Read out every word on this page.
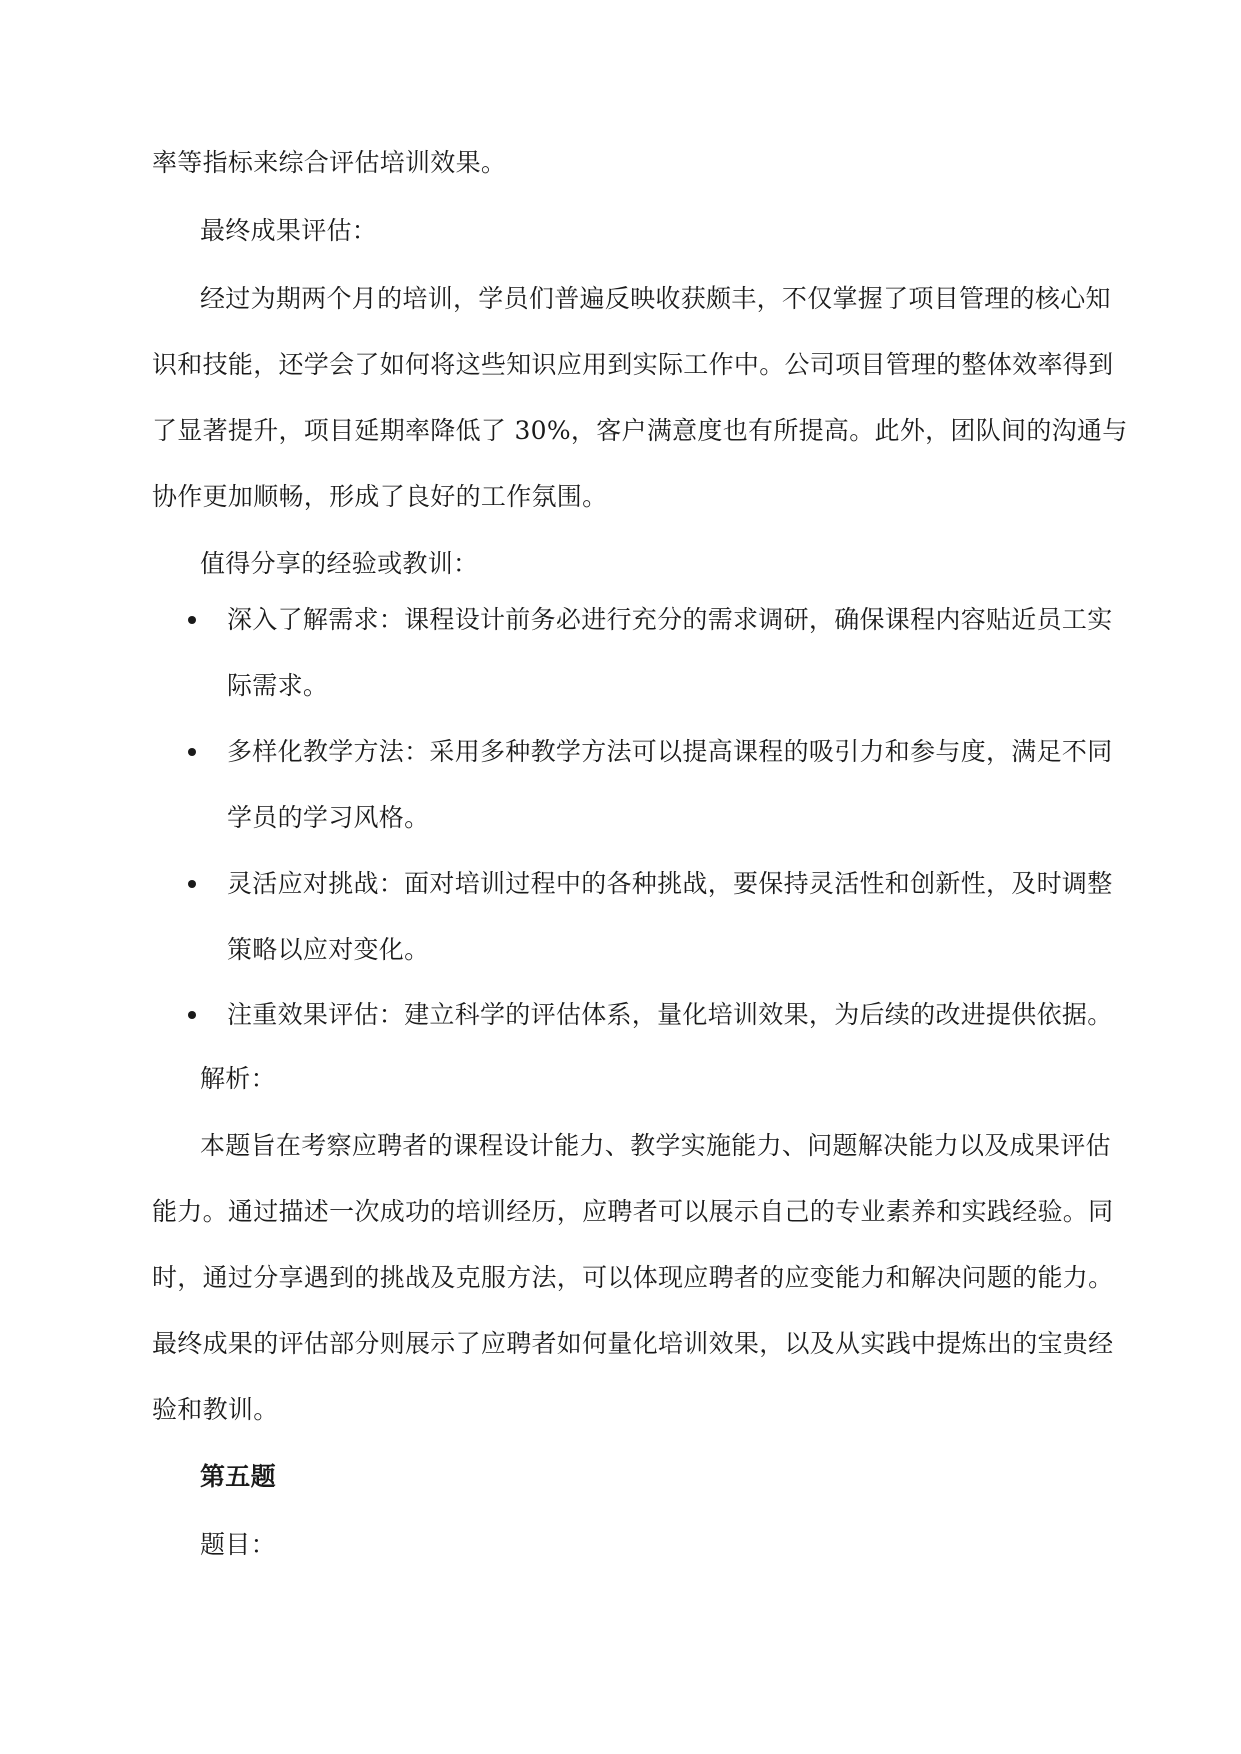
率等指标来综合评估培训效果。
最终成果评估：
经过为期两个月的培训，学员们普遍反映收获颇丰，不仅掌握了项目管理的核心知
识和技能，还学会了如何将这些知识应用到实际工作中。公司项目管理的整体效率得到
了显著提升，项目延期率降低了 30%，客户满意度也有所提高。此外，团队间的沟通与
协作更加顺畅，形成了良好的工作氛围。
值得分享的经验或教训：
深入了解需求：课程设计前务必进行充分的需求调研，确保课程内容贴近员工实
际需求。
多样化教学方法：采用多种教学方法可以提高课程的吸引力和参与度，满足不同
学员的学习风格。
灵活应对挑战：面对培训过程中的各种挑战，要保持灵活性和创新性，及时调整
策略以应对变化。
注重效果评估：建立科学的评估体系，量化培训效果，为后续的改进提供依据。
解析：
本题旨在考察应聘者的课程设计能力、教学实施能力、问题解决能力以及成果评估
能力。通过描述一次成功的培训经历，应聘者可以展示自己的专业素养和实践经验。同
时，通过分享遇到的挑战及克服方法，可以体现应聘者的应变能力和解决问题的能力。
最终成果的评估部分则展示了应聘者如何量化培训效果，以及从实践中提炼出的宝贵经
验和教训。
第五题
题目：
